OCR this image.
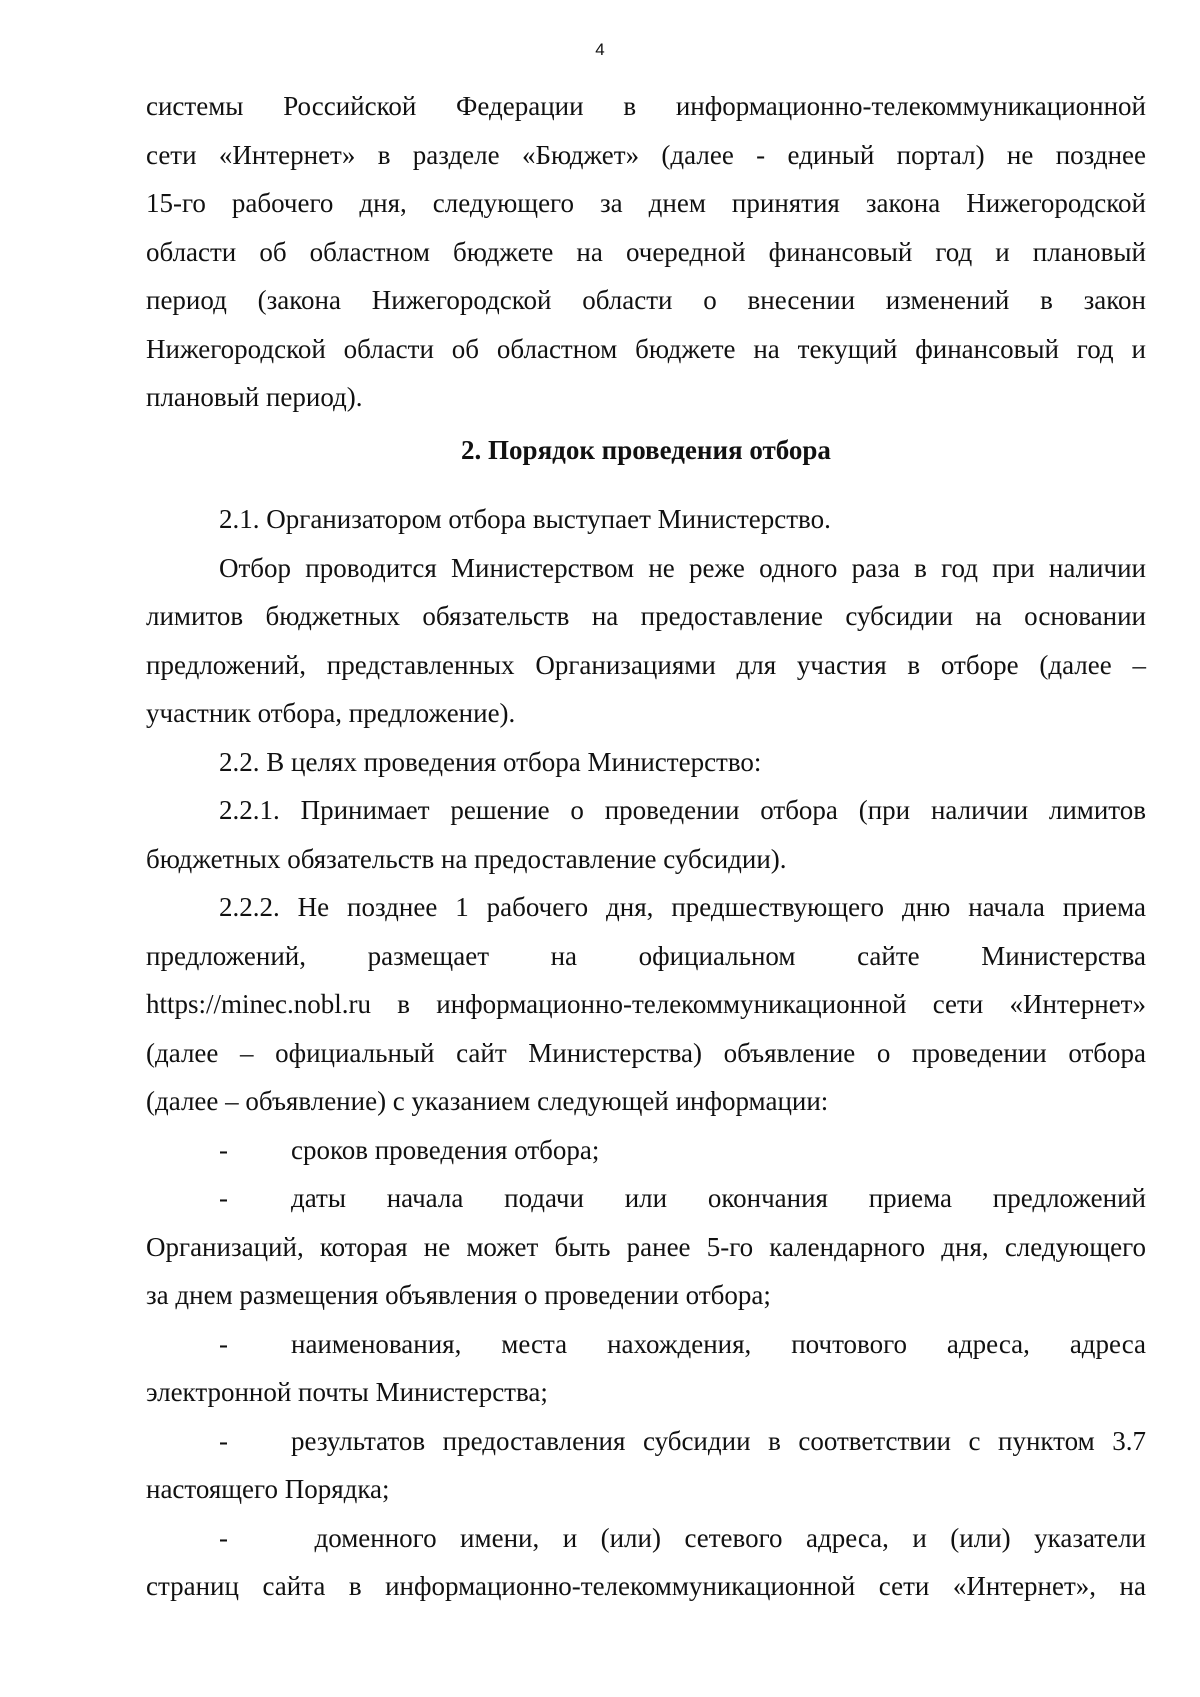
4
системы Российской Федерации в информационно-телекоммуникационной
сети «Интернет» в разделе «Бюджет» (далее - единый портал) не позднее
15-го рабочего дня, следующего за днем принятия закона Нижегородской
области об областном бюджете на очередной финансовый год и плановый
период (закона Нижегородской области о внесении изменений в закон
Нижегородской области об областном бюджете на текущий финансовый год и
плановый период).
2. Порядок проведения отбора
2.1. Организатором отбора выступает Министерство.
Отбор проводится Министерством не реже одного раза в год при наличии
лимитов бюджетных обязательств на предоставление субсидии на основании
предложений, представленных Организациями для участия в отборе (далее –
участник отбора, предложение).
2.2. В целях проведения отбора Министерство:
2.2.1. Принимает решение о проведении отбора (при наличии лимитов
бюджетных обязательств на предоставление субсидии).
2.2.2. Не позднее 1 рабочего дня, предшествующего дню начала приема
предложений, размещает на официальном сайте Министерства
https://minec.nobl.ru в информационно-телекоммуникационной сети «Интернет»
(далее – официальный сайт Министерства) объявление о проведении отбора
(далее – объявление) с указанием следующей информации:
- сроков проведения отбора;
- даты начала подачи или окончания приема предложений
Организаций, которая не может быть ранее 5-го календарного дня, следующего
за днем размещения объявления о проведении отбора;
- наименования, места нахождения, почтового адреса, адреса
электронной почты Министерства;
- результатов предоставления субсидии в соответствии с пунктом 3.7
настоящего Порядка;
- доменного имени, и (или) сетевого адреса, и (или) указатели
страниц сайта в информационно-телекоммуникационной сети «Интернет», на
